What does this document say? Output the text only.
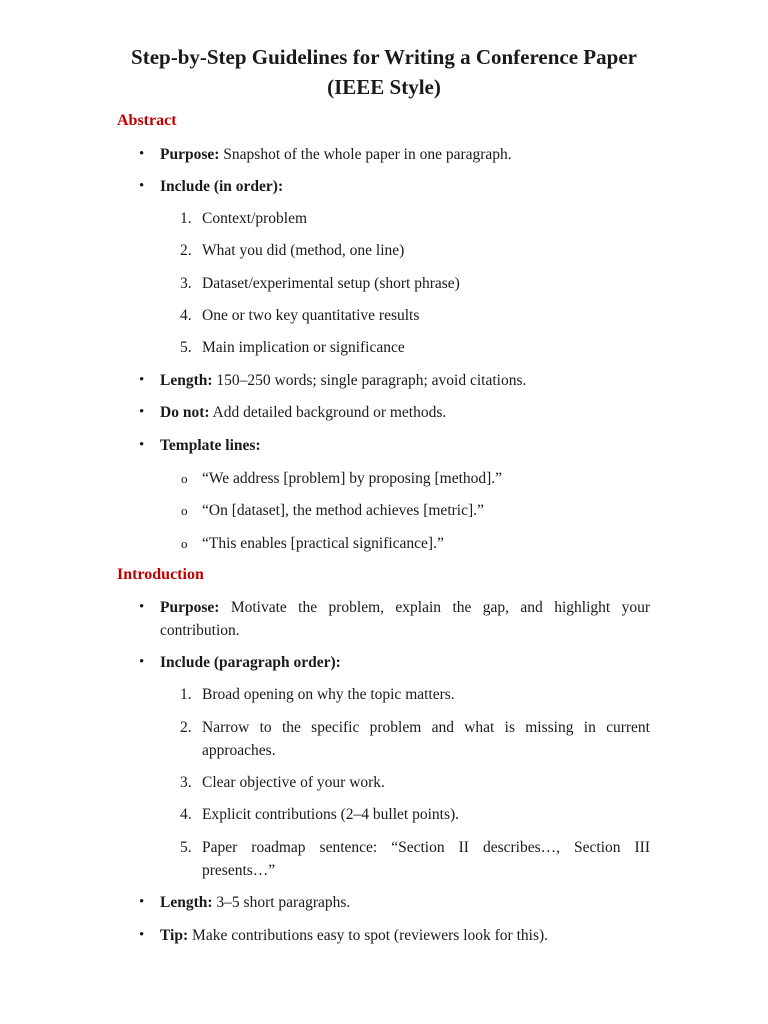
Step-by-Step Guidelines for Writing a Conference Paper
(IEEE Style)
Abstract
• Purpose: Snapshot of the whole paper in one paragraph.
• Include (in order):
1. Context/problem
2. What you did (method, one line)
3. Dataset/experimental setup (short phrase)
4. One or two key quantitative results
5. Main implication or significance
• Length: 150–250 words; single paragraph; avoid citations.
• Do not: Add detailed background or methods.
• Template lines:
o “We address [problem] by proposing [method].”
o “On [dataset], the method achieves [metric].”
o “This enables [practical significance].”
Introduction
• Purpose: Motivate the problem, explain the gap, and highlight your
contribution.
• Include (paragraph order):
1. Broad opening on why the topic matters.
2. Narrow to the specific problem and what is missing in current
approaches.
3. Clear objective of your work.
4. Explicit contributions (2–4 bullet points).
5. Paper roadmap sentence: “Section II describes…, Section III
presents…”
• Length: 3–5 short paragraphs.
• Tip: Make contributions easy to spot (reviewers look for this).
